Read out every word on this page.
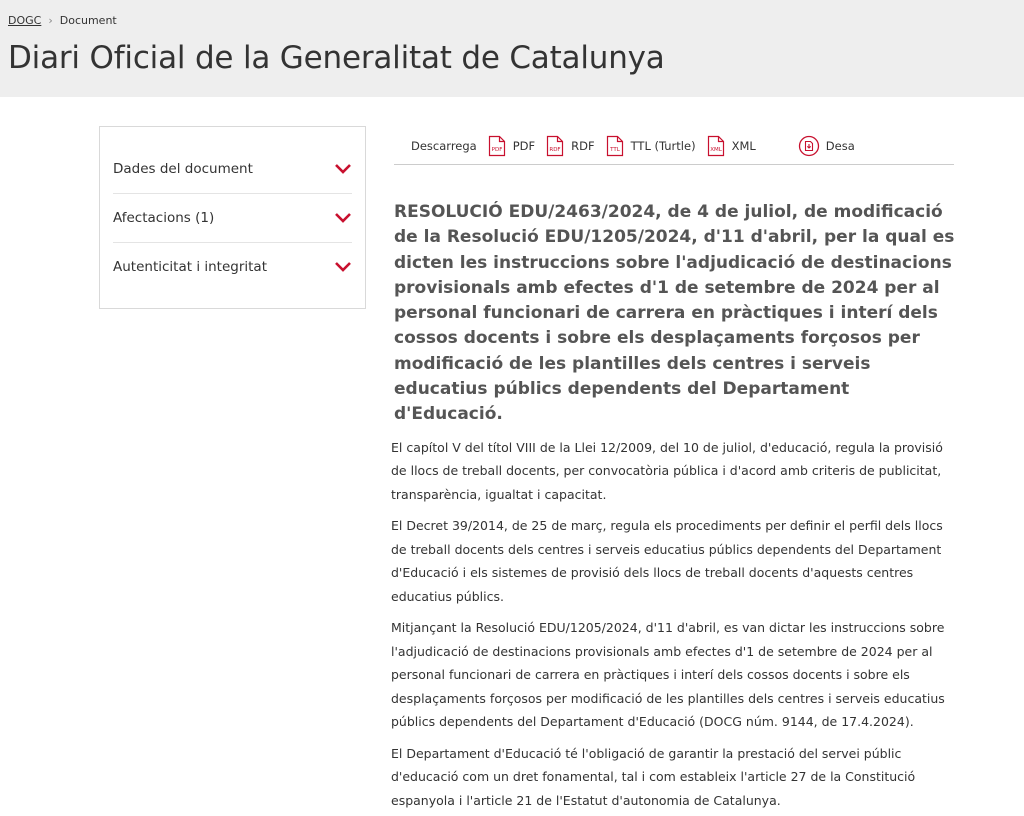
DOGC › Document
Diari Oficial de la Generalitat de Catalunya
Dades del document
Afectacions (1)
Autenticitat i integritat
Descarrega	PDF PDF	RDF RDF	TTL TTL (Turtle)	XML XML	Desa
RESOLUCIÓ EDU/2463/2024, de 4 de juliol, de modificació de la Resolució EDU/1205/2024, d'11 d'abril, per la qual es dicten les instruccions sobre l'adjudicació de destinacions provisionals amb efectes d'1 de setembre de 2024 per al personal funcionari de carrera en pràctiques i interí dels cossos docents i sobre els desplaçaments forçosos per modificació de les plantilles dels centres i serveis educatius públics dependents del Departament d'Educació.

El capítol V del títol VIII de la Llei 12/2009, del 10 de juliol, d'educació, regula la provisió de llocs de treball docents, per convocatòria pública i d'acord amb criteris de publicitat, transparència, igualtat i capacitat.

El Decret 39/2014, de 25 de març, regula els procediments per definir el perfil dels llocs de treball docents dels centres i serveis educatius públics dependents del Departament d'Educació i els sistemes de provisió dels llocs de treball docents d'aquests centres educatius públics.

Mitjançant la Resolució EDU/1205/2024, d'11 d'abril, es van dictar les instruccions sobre l'adjudicació de destinacions provisionals amb efectes d'1 de setembre de 2024 per al personal funcionari de carrera en pràctiques i interí dels cossos docents i sobre els desplaçaments forçosos per modificació de les plantilles dels centres i serveis educatius públics dependents del Departament d'Educació (DOCG núm. 9144, de 17.4.2024).

El Departament d'Educació té l'obligació de garantir la prestació del servei públic d'educació com un dret fonamental, tal i com estableix l'article 27 de la Constitució espanyola i l'article 21 de l'Estatut d'autonomia de Catalunya.
